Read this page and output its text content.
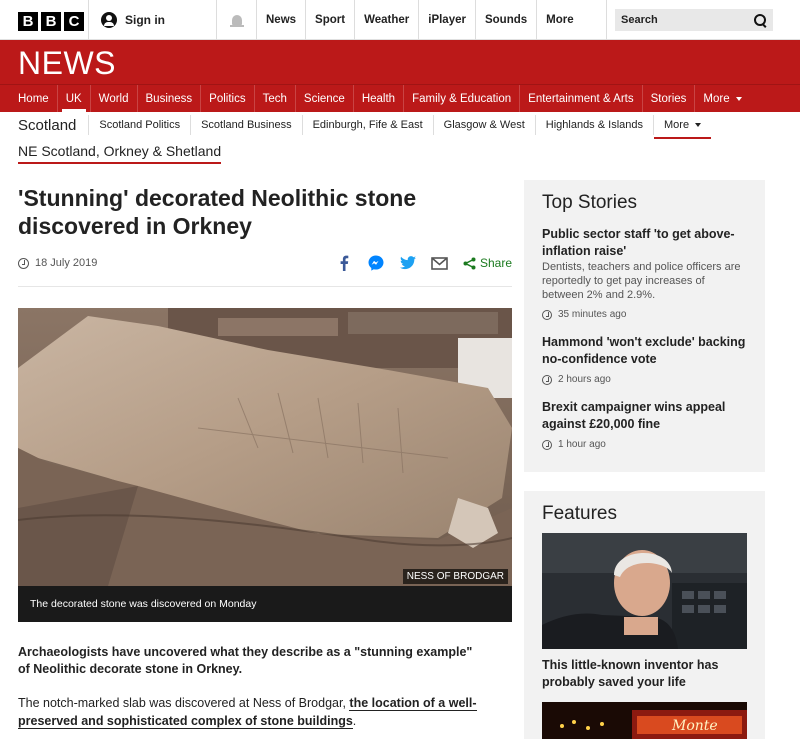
B B C	Sign in	News	Sport	Weather	iPlayer	Sounds	More	Search
NEWS
Home	UK	World	Business	Politics	Tech	Science	Health	Family & Education	Entertainment & Arts	Stories	More
Scotland	Scotland Politics	Scotland Business	Edinburgh, Fife & East	Glasgow & West	Highlands & Islands	More
NE Scotland, Orkney & Shetland
'Stunning' decorated Neolithic stone discovered in Orkney
18 July 2019	Share
NESS OF BRODGAR
The decorated stone was discovered on Monday

Archaeologists have uncovered what they describe as a "stunning example" of Neolithic decorate stone in Orkney.

The notch-marked slab was discovered at Ness of Brodgar, the location of a well-preserved and sophisticated complex of stone buildings.

Top Stories
Public sector staff 'to get above-inflation raise'
Dentists, teachers and police officers are reportedly to get pay increases of between 2% and 2.9%.
35 minutes ago
Hammond 'won't exclude' backing no-confidence vote
2 hours ago
Brexit campaigner wins appeal against £20,000 fine
1 hour ago
Features
This little-known inventor has probably saved your life
Monte
